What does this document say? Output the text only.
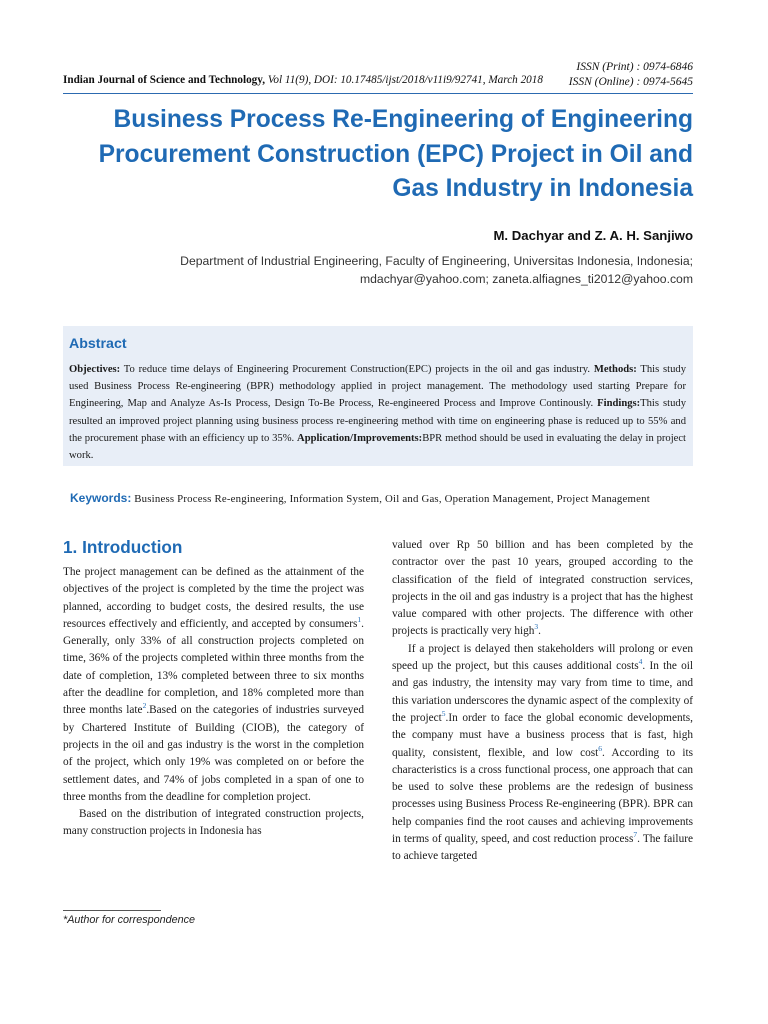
Indian Journal of Science and Technology, Vol 11(9), DOI: 10.17485/ijst/2018/v11i9/92741, March 2018
ISSN (Print) : 0974-6846
ISSN (Online) : 0974-5645
Business Process Re-Engineering of Engineering Procurement Construction (EPC) Project in Oil and Gas Industry in Indonesia
M. Dachyar and Z. A. H. Sanjiwo
Department of Industrial Engineering, Faculty of Engineering, Universitas Indonesia, Indonesia;
mdachyar@yahoo.com; zaneta.alfiagnes_ti2012@yahoo.com
Abstract

Objectives: To reduce time delays of Engineering Procurement Construction(EPC) projects in the oil and gas industry. Methods: This study used Business Process Re-engineering (BPR) methodology applied in project management. The methodology used starting Prepare for Engineering, Map and Analyze As-Is Process, Design To-Be Process, Re-engineered Process and Improve Continously. Findings:This study resulted an improved project planning using business process re-engineering method with time on engineering phase is reduced up to 55% and the procurement phase with an efficiency up to 35%. Application/Improvements:BPR method should be used in evaluating the delay in project work.

Keywords: Business Process Re-engineering, Information System, Oil and Gas, Operation Management, Project Management
1. Introduction

The project management can be defined as the attainment of the objectives of the project is completed by the time the project was planned, according to budget costs, the desired results, the use resources effectively and efficiently, and accepted by consumers$^1$. Generally, only 33% of all construction projects completed on time, 36% of the projects completed within three months from the date of completion, 13% completed between three to six months after the deadline for completion, and 18% completed more than three months late$^2$.Based on the categories of industries surveyed by Chartered Institute of Building (CIOB), the category of projects in the oil and gas industry is the worst in the completion of the project, which only 19% was completed on or before the settlement dates, and 74% of jobs completed in a span of one to three months from the deadline for completion project.

Based on the distribution of integrated construction projects, many construction projects in Indonesia has

valued over Rp 50 billion and has been completed by the contractor over the past 10 years, grouped according to the classification of the field of integrated construction services, projects in the oil and gas industry is a project that has the highest value compared with other projects. The difference with other projects is practically very high$^3$.

If a project is delayed then stakeholders will prolong or even speed up the project, but this causes additional costs$^4$. In the oil and gas industry, the intensity may vary from time to time, and this variation underscores the dynamic aspect of the complexity of the project$^5$.In order to face the global economic developments, the company must have a business process that is fast, high quality, consistent, flexible, and low cost$^6$. According to its characteristics is a cross functional process, one approach that can be used to solve these problems are the redesign of business processes using Business Process Re-engineering (BPR). BPR can help companies find the root causes and achieving improvements in terms of quality, speed, and cost reduction process$^7$. The failure to achieve targeted

*Author for correspondence
